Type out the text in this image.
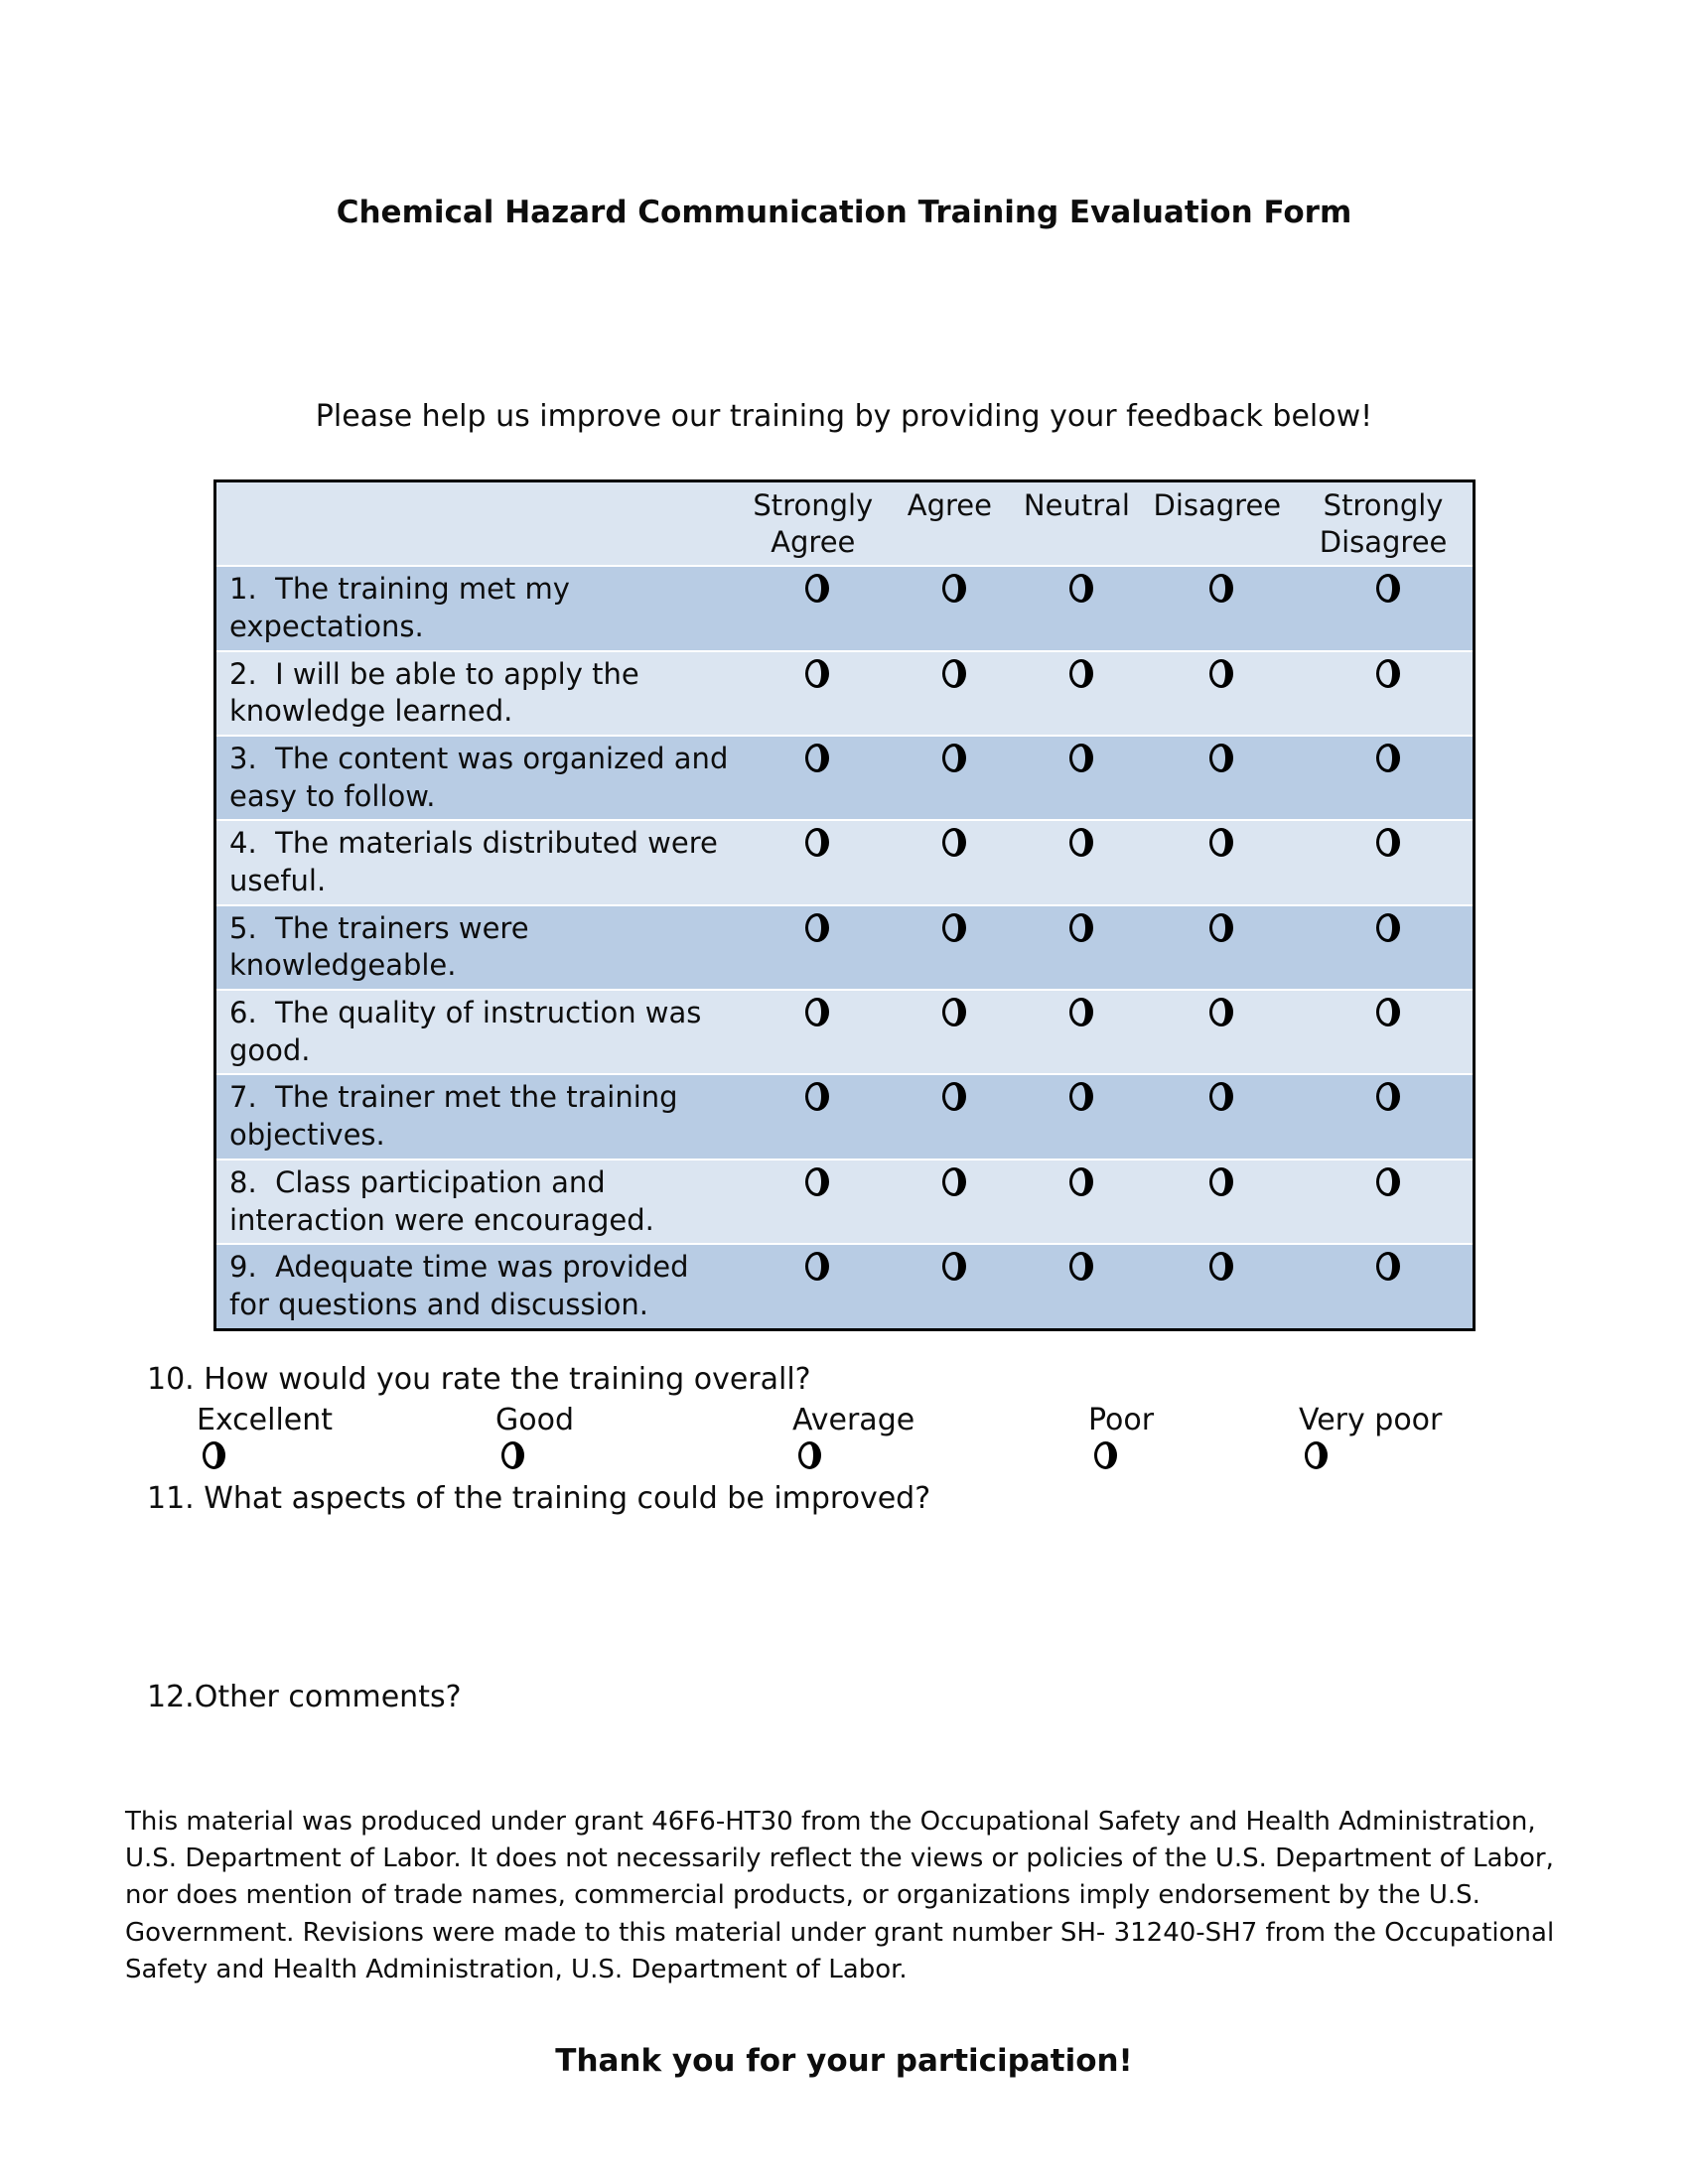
Chemical Hazard Communication Training Evaluation Form
Please help us improve our training by providing your feedback below!
	Strongly Agree	Agree	Neutral	Disagree	Strongly Disagree
1.  The training met my expectations.					
2.  I will be able to apply the knowledge learned.					
3.  The content was organized and easy to follow.					
4.  The materials distributed were useful.					
5.  The trainers were knowledgeable.					
6.  The quality of instruction was good.					
7.  The trainer met the training objectives.					
8.  Class participation and interaction were encouraged.					
9.  Adequate time was provided for questions and discussion.					
10. How would you rate the training overall?
Excellent	Good	Average	Poor	Very poor
11. What aspects of the training could be improved?
12.Other comments?
This material was produced under grant 46F6-HT30 from the Occupational Safety and Health Administration, U.S. Department of Labor. It does not necessarily reflect the views or policies of the U.S. Department of Labor, nor does mention of trade names, commercial products, or organizations imply endorsement by the U.S. Government. Revisions were made to this material under grant number SH- 31240-SH7 from the Occupational Safety and Health Administration, U.S. Department of Labor.
Thank you for your participation!
